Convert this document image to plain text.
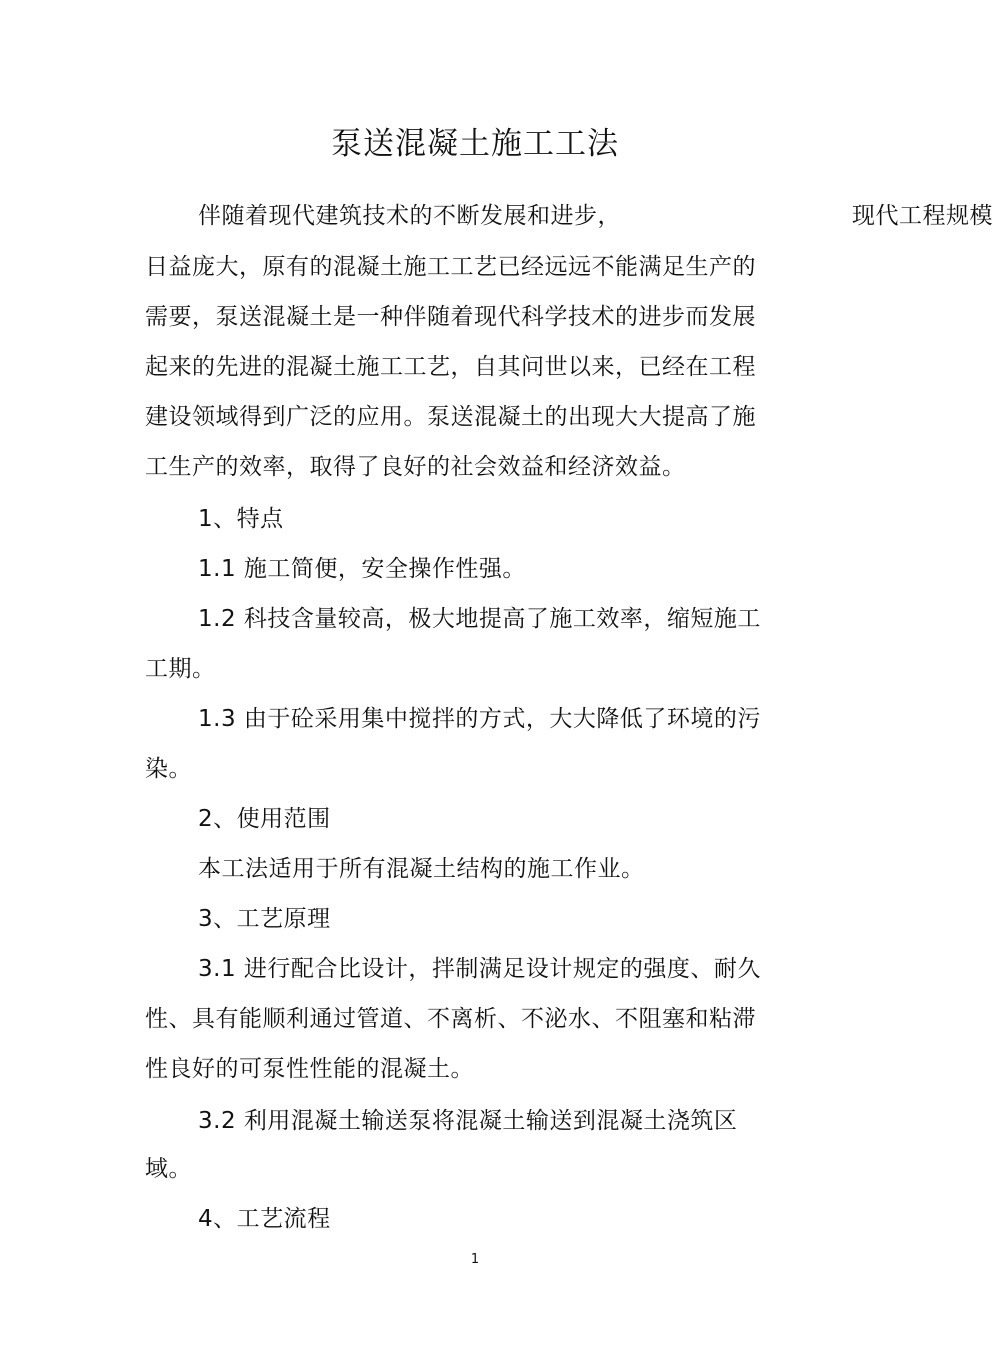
泵送混凝土施工工法
伴随着现代建筑技术的不断发展和进步，	现代工程规模
日益庞大，原有的混凝土施工工艺已经远远不能满足生产的
需要，泵送混凝土是一种伴随着现代科学技术的进步而发展
起来的先进的混凝土施工工艺，自其问世以来，已经在工程
建设领域得到广泛的应用。泵送混凝土的出现大大提高了施
工生产的效率，取得了良好的社会效益和经济效益。
1、特点
1.1 施工简便，安全操作性强。
1.2 科技含量较高，极大地提高了施工效率，缩短施工
工期。
1.3 由于砼采用集中搅拌的方式，大大降低了环境的污
染。
2、使用范围
本工法适用于所有混凝土结构的施工作业。
3、工艺原理
3.1 进行配合比设计，拌制满足设计规定的强度、耐久
性、具有能顺利通过管道、不离析、不泌水、不阻塞和粘滞
性良好的可泵性性能的混凝土。
3.2 利用混凝土输送泵将混凝土输送到混凝土浇筑区
域。
4、工艺流程
1
